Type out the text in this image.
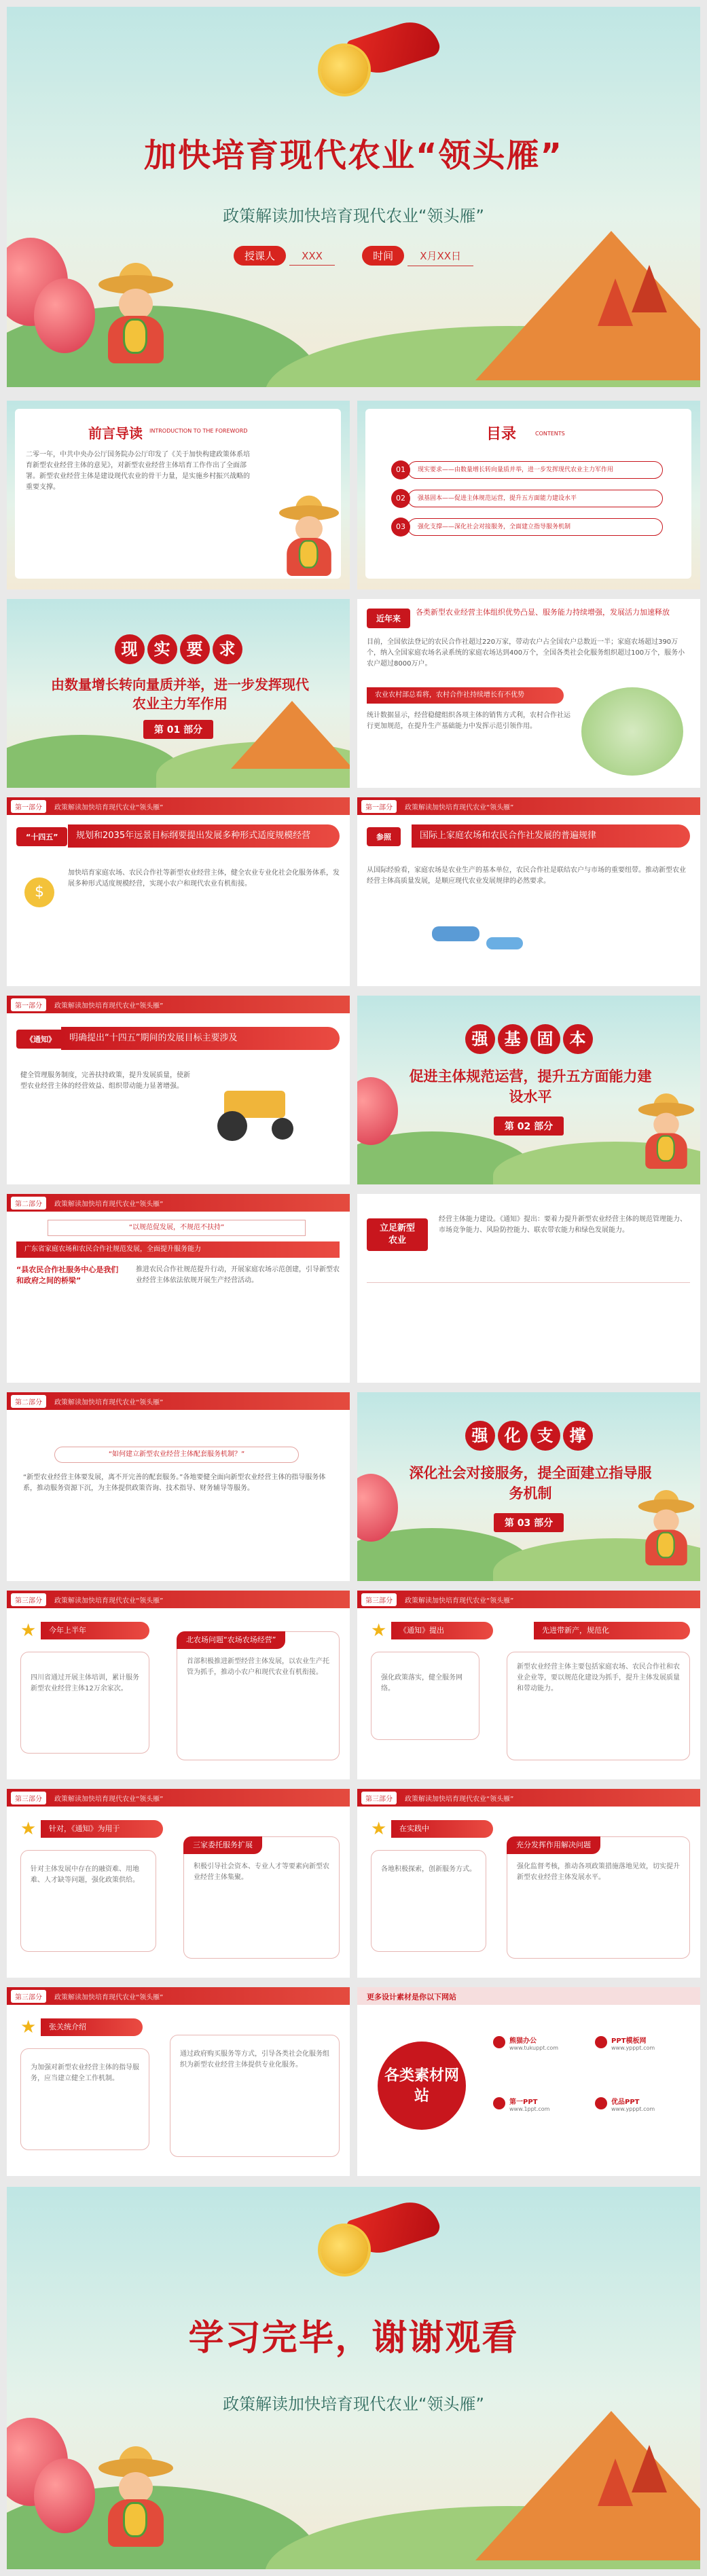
加快培育现代农业“领头雁”
政策解读加快培育现代农业“领头雁”
授课人	XXX	时间	X月XX日
前言导读 INTRODUCTION TO THE FOREWORD
二零一年，中共中央办公厅国务院办公厅印发了《关于加快构建政策体系培育新型农业经营主体的意见》，对新型农业经营主体培育工作作出了全面部署。新型农业经营主体是建设现代农业的骨干力量，是实施乡村振兴战略的重要支撑。
目录	CONTENTS
01	现实要求——由数量增长转向量质并举，进一步发挥现代农业主力军作用
02	强基固本——促进主体规范运营，提升五方面能力建设水平
03	强化支撑——深化社会对接服务，全面建立指导服务机制
现 实 要 求
由数量增长转向量质并举，进一步发挥现代农业主力军作用
第 01 部分
近年来
各类新型农业经营主体组织优势凸显、服务能力持续增强，发展活力加速释放
目前，全国依法登记的农民合作社超过220万家，带动农户占全国农户总数近一半；家庭农场超过390万个，纳入全国家庭农场名录系统的家庭农场达到400万个，全国各类社会化服务组织超过100万个，服务小农户超过8000万户。
农业农村部总看将，农村合作社持续增长有不优势
统计数据显示，经营稳健组织各项主体的销售方式利，农村合作社运行更加规范，在提升生产基础能力中发挥示范引领作用。
第一部分	政策解读加快培育现代农业“领头雁”
“十四五”	规划和2035年远景目标纲要提出发展多种形式适度规模经营
$
加快培育家庭农场、农民合作社等新型农业经营主体，健全农业专业化社会化服务体系，发展多种形式适度规模经营，实现小农户和现代农业有机衔接。
第一部分	政策解读加快培育现代农业“领头雁”
参照	国际上家庭农场和农民合作社发展的普遍规律
从国际经验看，家庭农场是农业生产的基本单位，农民合作社是联结农户与市场的重要纽带。推动新型农业经营主体高质量发展，是顺应现代农业发展规律的必然要求。
第一部分	政策解读加快培育现代农业“领头雁”
《通知》	明确提出“十四五”期间的发展目标主要涉及
健全管理服务制度，完善扶持政策，提升发展质量，使新型农业经营主体的经营效益、组织带动能力显著增强。
强 基 固 本
促进主体规范运营，提升五方面能力建设水平
第 02 部分
第二部分	政策解读加快培育现代农业“领头雁”
“以规范促发展，不规范不扶持”
广东省家庭农场和农民合作社规范发展，全面提升服务能力
“县农民合作社服务中心是我们和政府之间的桥梁”
推进农民合作社规范提升行动，开展家庭农场示范创建，引导新型农业经营主体依法依规开展生产经营活动。
立足新型农业
经营主体能力建设。《通知》提出：要着力提升新型农业经营主体的规范管理能力、市场竞争能力、风险防控能力、联农带农能力和绿色发展能力。
第二部分	政策解读加快培育现代农业“领头雁”
“如何建立新型农业经营主体配套服务机制？”
“新型农业经营主体要发展，离不开完善的配套服务。”各地要健全面向新型农业经营主体的指导服务体系，推动服务资源下沉，为主体提供政策咨询、技术指导、财务辅导等服务。
强 化 支 撑
深化社会对接服务，提全面建立指导服务机制
第 03 部分
第三部分	政策解读加快培育现代农业“领头雁”
★	今年上半年
四川省通过开展主体培训，累计服务新型农业经营主体12万余家次。
北农场问题“农场农场经营”
首部积极推进新型经营主体发展，以农业生产托管为抓手，推动小农户和现代农业有机衔接。
第三部分	政策解读加快培育现代农业“领头雁”
★	《通知》提出
强化政策落实，健全服务网络。
先进带新产，规范化
新型农业经营主体主要包括家庭农场、农民合作社和农业企业等，要以规范化建设为抓手，提升主体发展质量和带动能力。
第三部分	政策解读加快培育现代农业“领头雁”
★	针对，《通知》为用于
针对主体发展中存在的融资难、用地难、人才缺等问题，强化政策供给。
三家委托服务扩展
积极引导社会资本、专业人才等要素向新型农业经营主体集聚。
第三部分	政策解读加快培育现代农业“领头雁”
★	在实践中
各地积极探索，创新服务方式。
充分发挥作用解决问题
强化监督考核，推动各项政策措施落地见效，切实提升新型农业经营主体发展水平。
第三部分	政策解读加快培育现代农业“领头雁”
★	张关统介绍
为加强对新型农业经营主体的指导服务，应当建立健全工作机制。
通过政府购买服务等方式，引导各类社会化服务组织为新型农业经营主体提供专业化服务。
更多设计素材是你以下网站
各类素材网站
熊猫办公
www.tukuppt.com
PPT模板网
www.ypppt.com
第一PPT
www.1ppt.com
优品PPT
www.ypppt.com
学习完毕，谢谢观看
政策解读加快培育现代农业“领头雁”
